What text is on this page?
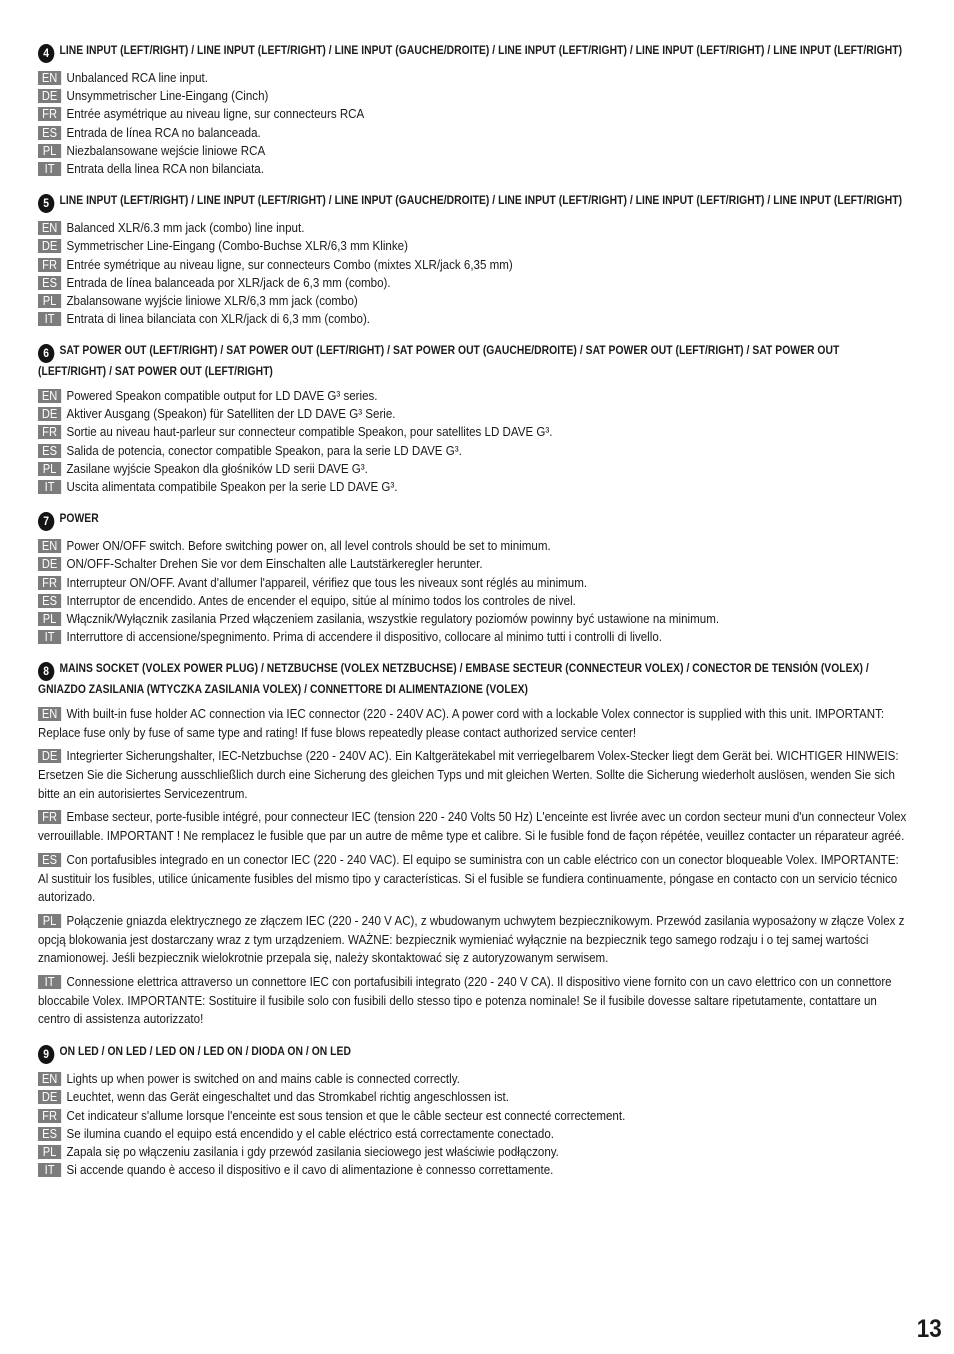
4 LINE INPUT (LEFT/RIGHT) / LINE INPUT (LEFT/RIGHT) / LINE INPUT (GAUCHE/DROITE) / LINE INPUT (LEFT/RIGHT) / LINE INPUT (LEFT/RIGHT) / LINE INPUT (LEFT/RIGHT)
EN Unbalanced RCA line input.
DE Unsymmetrischer Line-Eingang (Cinch)
FR Entrée asymétrique au niveau ligne, sur connecteurs RCA
ES Entrada de línea RCA no balanceada.
PL Niezbalansowane wejście liniowe RCA
IT Entrata della linea RCA non bilanciata.
5 LINE INPUT (LEFT/RIGHT) / LINE INPUT (LEFT/RIGHT) / LINE INPUT (GAUCHE/DROITE) / LINE INPUT (LEFT/RIGHT) / LINE INPUT (LEFT/RIGHT) / LINE INPUT (LEFT/RIGHT)
EN Balanced XLR/6.3 mm jack (combo) line input.
DE Symmetrischer Line-Eingang (Combo-Buchse XLR/6,3 mm Klinke)
FR Entrée symétrique au niveau ligne, sur connecteurs Combo (mixtes XLR/jack 6,35 mm)
ES Entrada de línea balanceada por XLR/jack de 6,3 mm (combo).
PL Zbalansowane wyjście liniowe XLR/6,3 mm jack (combo)
IT Entrata di linea bilanciata con XLR/jack di 6,3 mm (combo).
6 SAT POWER OUT (LEFT/RIGHT) / SAT POWER OUT (LEFT/RIGHT) / SAT POWER OUT (GAUCHE/DROITE) / SAT POWER OUT (LEFT/RIGHT) / SAT POWER OUT (LEFT/RIGHT) / SAT POWER OUT (LEFT/RIGHT)
EN Powered Speakon compatible output for LD DAVE G³ series.
DE Aktiver Ausgang (Speakon) für Satelliten der LD DAVE G³ Serie.
FR Sortie au niveau haut-parleur sur connecteur compatible Speakon, pour satellites LD DAVE G³.
ES Salida de potencia, conector compatible Speakon, para la serie LD DAVE G³.
PL Zasilane wyjście Speakon dla głośników LD serii DAVE G³.
IT Uscita alimentata compatibile Speakon per la serie LD DAVE G³.
7 POWER
EN Power ON/OFF switch. Before switching power on, all level controls should be set to minimum.
DE ON/OFF-Schalter Drehen Sie vor dem Einschalten alle Lautstärkeregler herunter.
FR Interrupteur ON/OFF. Avant d'allumer l'appareil, vérifiez que tous les niveaux sont réglés au minimum.
ES Interruptor de encendido. Antes de encender el equipo, sitúe al mínimo todos los controles de nivel.
PL Włącznik/Wyłącznik zasilania Przed włączeniem zasilania, wszystkie regulatory poziomów powinny być ustawione na minimum.
IT Interruttore di accensione/spegnimento. Prima di accendere il dispositivo, collocare al minimo tutti i controlli di livello.
8 MAINS SOCKET (VOLEX POWER PLUG) / NETZBUCHSE (VOLEX NETZBUCHSE) / EMBASE SECTEUR (CONNECTEUR VOLEX) / CONECTOR DE TENSIÓN (VOLEX) / GNIAZDO ZASILANIA (WTYCZKA ZASILANIA VOLEX) / CONNETTORE DI ALIMENTAZIONE (VOLEX)
EN With built-in fuse holder AC connection via IEC connector (220 - 240V AC). A power cord with a lockable Volex connector is supplied with this unit. IMPORTANT: Replace fuse only by fuse of same type and rating! If fuse blows repeatedly please contact authorized service center!
DE Integrierter Sicherungshalter, IEC-Netzbuchse (220 - 240V AC). Ein Kaltgerätekabel mit verriegelbarem Volex-Stecker liegt dem Gerät bei. WICHTIGER HINWEIS: Ersetzen Sie die Sicherung ausschließlich durch eine Sicherung des gleichen Typs und mit gleichen Werten. Sollte die Sicherung wiederholt auslösen, wenden Sie sich bitte an ein autorisiertes Servicezentrum.
FR Embase secteur, porte-fusible intégré, pour connecteur IEC (tension 220 - 240 Volts 50 Hz) L'enceinte est livrée avec un cordon secteur muni d'un connecteur Volex verrouillable. IMPORTANT ! Ne remplacez le fusible que par un autre de même type et calibre. Si le fusible fond de façon répétée, veuillez contacter un réparateur agréé.
ES Con portafusibles integrado en un conector IEC (220 - 240 VAC). El equipo se suministra con un cable eléctrico con un conector bloqueable Volex. IMPORTANTE: Al sustituir los fusibles, utilice únicamente fusibles del mismo tipo y características. Si el fusible se fundiera continuamente, póngase en contacto con un servicio técnico autorizado.
PL Połączenie gniazda elektrycznego ze złączem IEC (220 - 240 V AC), z wbudowanym uchwytem bezpiecznikowym. Przewód zasilania wyposażony w złącze Volex z opcją blokowania jest dostarczany wraz z tym urządzeniem. WAŻNE: bezpiecznik wymieniać wyłącznie na bezpiecznik tego samego rodzaju i o tej samej wartości znamionowej. Jeśli bezpiecznik wielokrotnie przepala się, należy skontaktować się z autoryzowanym serwisem.
IT Connessione elettrica attraverso un connettore IEC con portafusibili integrato (220 - 240 V CA). Il dispositivo viene fornito con un cavo elettrico con un connettore bloccabile Volex. IMPORTANTE: Sostituire il fusibile solo con fusibili dello stesso tipo e potenza nominale! Se il fusibile dovesse saltare ripetutamente, contattare un centro di assistenza autorizzato!
9 ON LED / ON LED / LED ON / LED ON / DIODA ON / ON LED
EN Lights up when power is switched on and mains cable is connected correctly.
DE Leuchtet, wenn das Gerät eingeschaltet und das Stromkabel richtig angeschlossen ist.
FR Cet indicateur s'allume lorsque l'enceinte est sous tension et que le câble secteur est connecté correctement.
ES Se ilumina cuando el equipo está encendido y el cable eléctrico está correctamente conectado.
PL Zapala się po włączeniu zasilania i gdy przewód zasilania sieciowego jest właściwie podłączony.
IT Si accende quando è acceso il dispositivo e il cavo di alimentazione è connesso correttamente.
13
